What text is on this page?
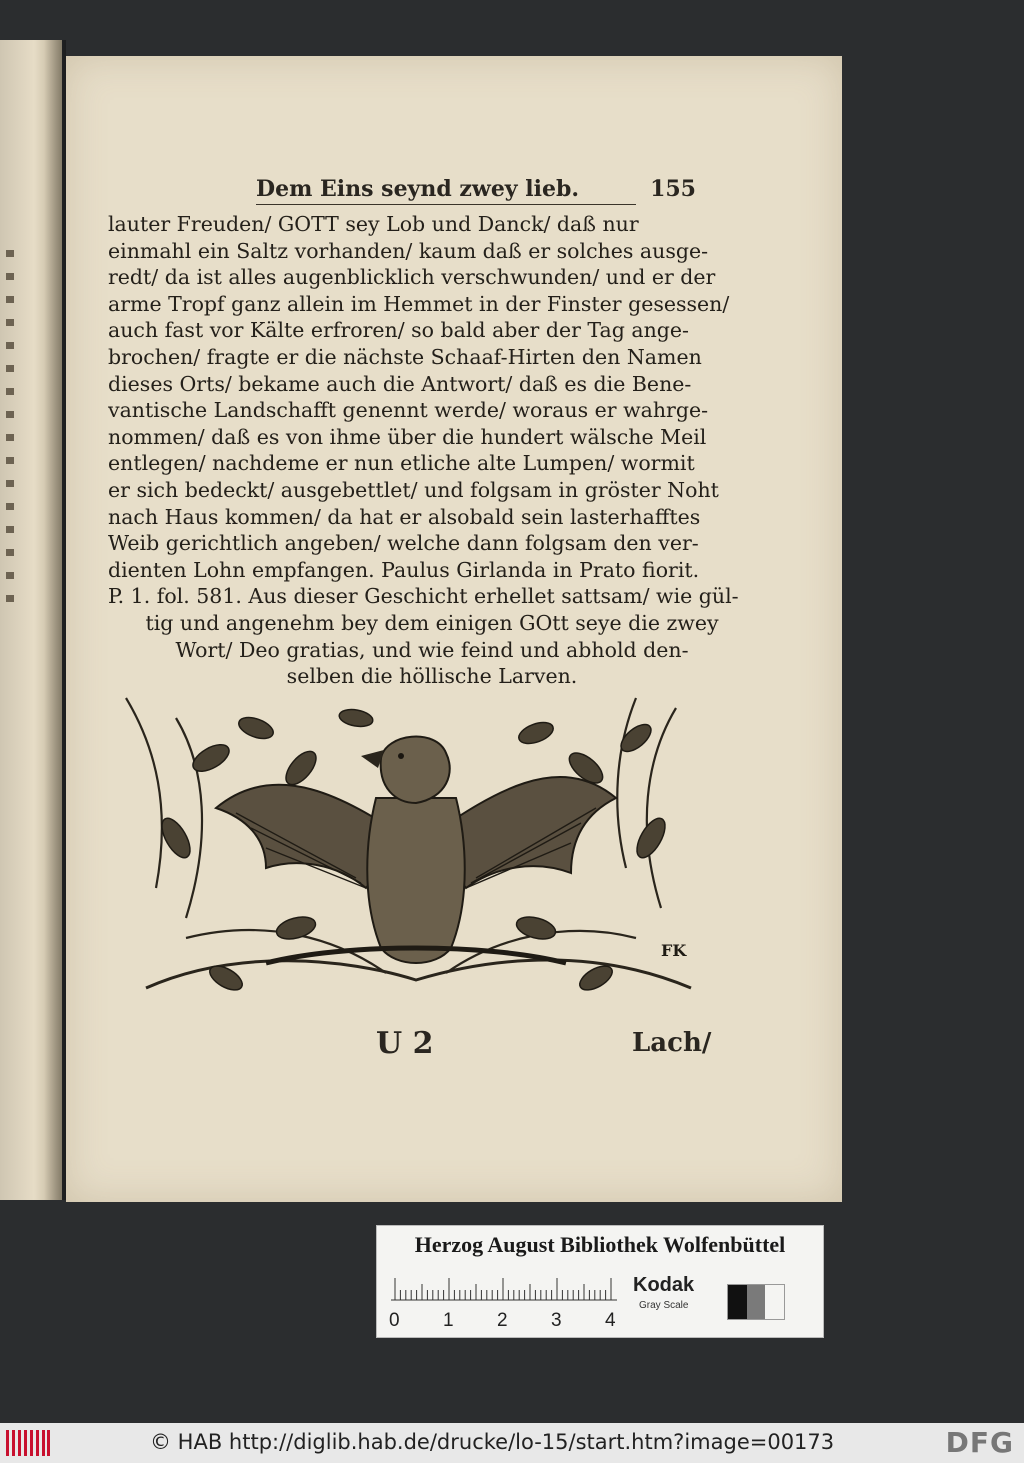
Dem Eins seynd zwey lieb.	155
lauter Freuden/ GOTT sey Lob und Danck/ daß nur
einmahl ein Saltz vorhanden/ kaum daß er solches ausge-
redt/ da ist alles augenblicklich verschwunden/ und er der
arme Tropf ganz allein im Hemmet in der Finster gesessen/
auch fast vor Kälte erfroren/ so bald aber der Tag ange-
brochen/ fragte er die nächste Schaaf-Hirten den Namen
dieses Orts/ bekame auch die Antwort/ daß es die Bene-
vantische Landschafft genennt werde/ woraus er wahrge-
nommen/ daß es von ihme über die hundert wälsche Meil
entlegen/ nachdeme er nun etliche alte Lumpen/ wormit
er sich bedeckt/ ausgebettlet/ und folgsam in gröster Noht
nach Haus kommen/ da hat er alsobald sein lasterhafftes
Weib gerichtlich angeben/ welche dann folgsam den ver-
dienten Lohn empfangen. Paulus Girlanda in Prato fiorit.
P. 1. fol. 581. Aus dieser Geschicht erhellet sattsam/ wie gül-
tig und angenehm bey dem einigen GOtt seye die zwey
Wort/ Deo gratias, und wie feind und abhold den-
selben die höllische Larven.
FK
U 2	Lach/
Herzog August Bibliothek Wolfenbüttel
0 1 2 3 4
Kodak
Gray Scale
© HAB http://diglib.hab.de/drucke/lo-15/start.htm?image=00173	DFG
